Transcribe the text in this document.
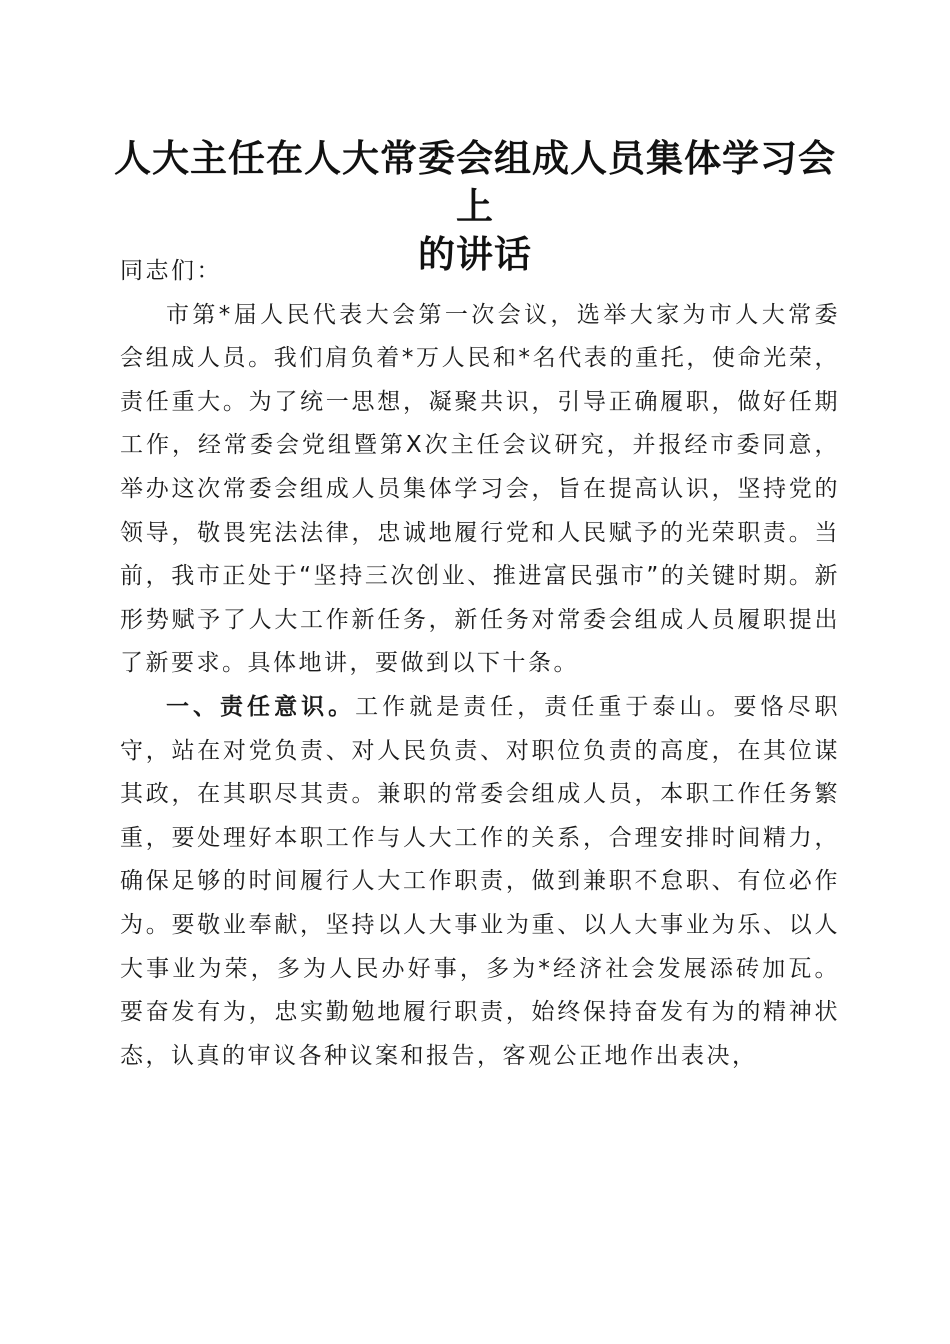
人大主任在人大常委会组成人员集体学习会上
的讲话

同志们：

市第*届人民代表大会第一次会议，选举大家为市人大常委会组成人员。我们肩负着*万人民和*名代表的重托，使命光荣，责任重大。为了统一思想，凝聚共识，引导正确履职，做好任期工作，经常委会党组暨第X次主任会议研究，并报经市委同意，举办这次常委会组成人员集体学习会，旨在提高认识，坚持党的领导，敬畏宪法法律，忠诚地履行党和人民赋予的光荣职责。当前，我市正处于“坚持三次创业、推进富民强市”的关键时期。新形势赋予了人大工作新任务，新任务对常委会组成人员履职提出了新要求。具体地讲，要做到以下十条。

一、责任意识。工作就是责任，责任重于泰山。要恪尽职守，站在对党负责、对人民负责、对职位负责的高度，在其位谋其政，在其职尽其责。兼职的常委会组成人员，本职工作任务繁重，要处理好本职工作与人大工作的关系，合理安排时间精力，确保足够的时间履行人大工作职责，做到兼职不怠职、有位必作为。要敬业奉献，坚持以人大事业为重、以人大事业为乐、以人大事业为荣，多为人民办好事，多为*经济社会发展添砖加瓦。要奋发有为，忠实勤勉地履行职责，始终保持奋发有为的精神状态，认真的审议各种议案和报告，客观公正地作出表决，
